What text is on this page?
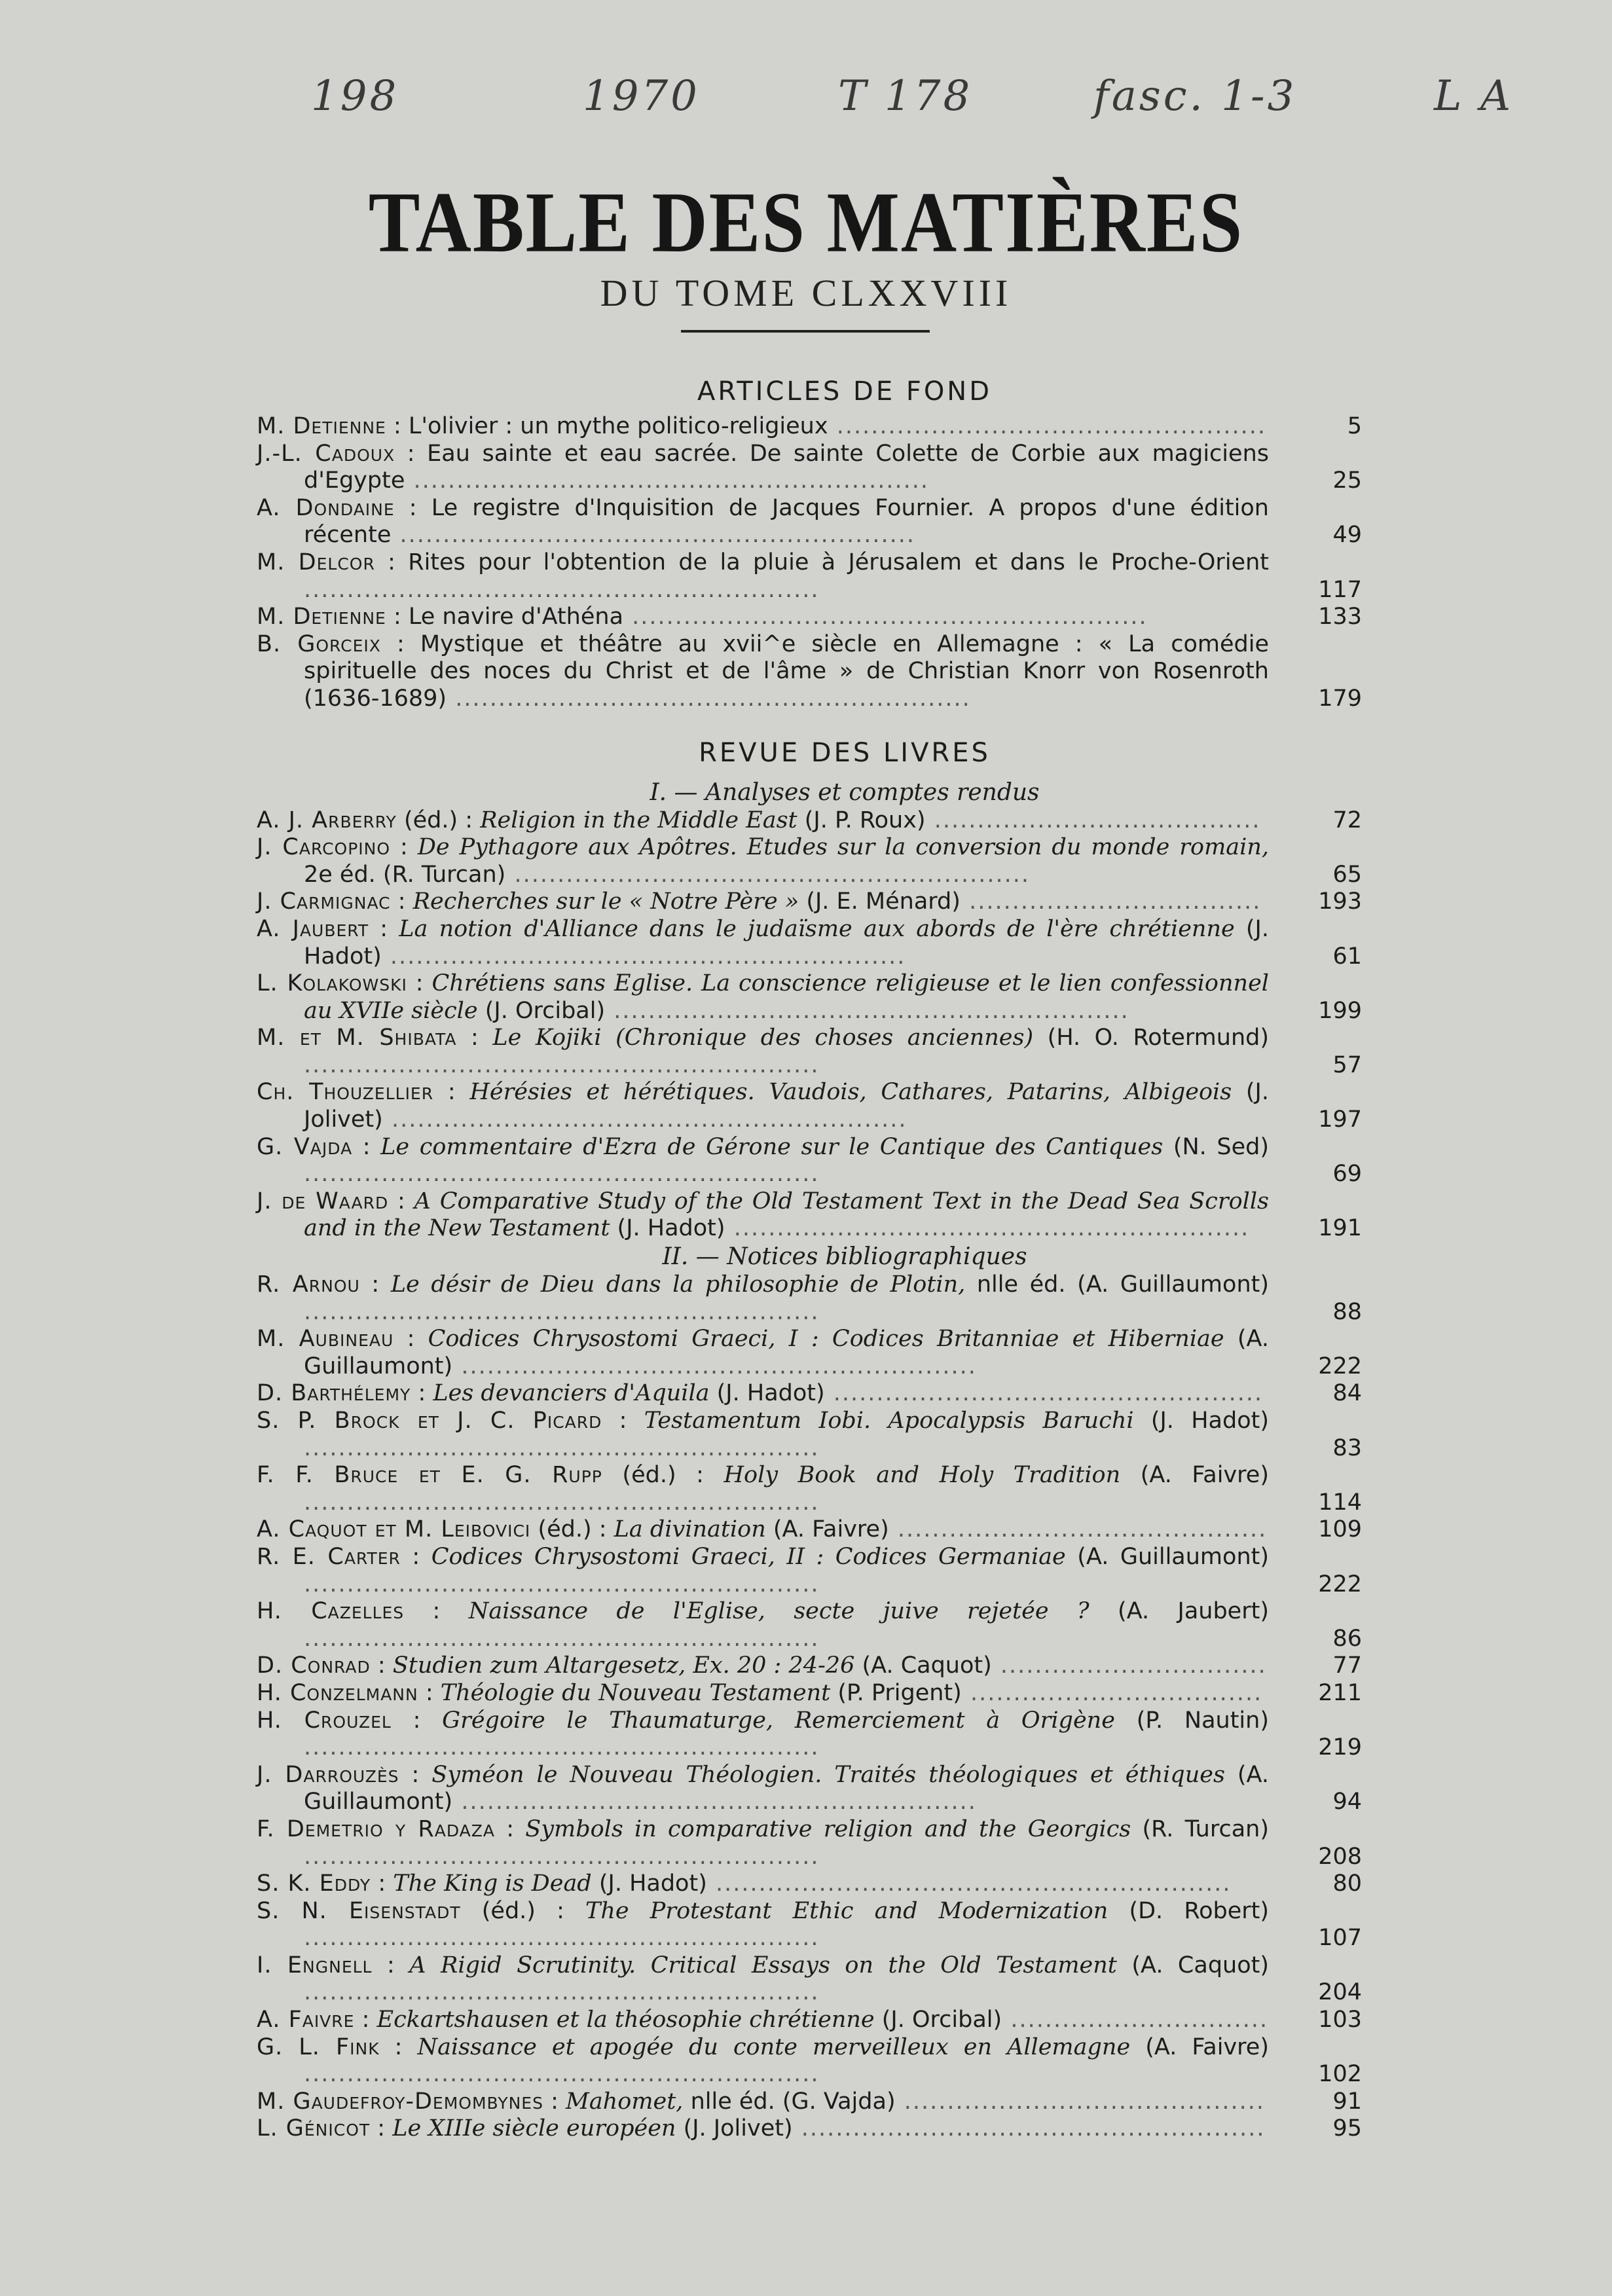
198	1970	T 178	fasc. 1-3	L A
TABLE DES MATIÈRES
DU TOME CLXXVIII
ARTICLES DE FOND
M. Detienne : L'olivier : un mythe politico-religieux ..................................................	5
J.-L. Cadoux : Eau sainte et eau sacrée. De sainte Colette de Corbie aux magiciens d'Egypte ............................................................	25
A. Dondaine : Le registre d'Inquisition de Jacques Fournier. A propos d'une édition récente ............................................................	49
M. Delcor : Rites pour l'obtention de la pluie à Jérusalem et dans le Proche-Orient ............................................................	117
M. Detienne : Le navire d'Athéna ............................................................	133
B. Gorceix : Mystique et théâtre au xvii^e siècle en Allemagne : « La comédie spirituelle des noces du Christ et de l'âme » de Christian Knorr von Rosenroth (1636-1689) ............................................................	179
REVUE DES LIVRES
I. — Analyses et comptes rendus
A. J. Arberry (éd.) : Religion in the Middle East (J. P. Roux) ......................................	72
J. Carcopino : De Pythagore aux Apôtres. Etudes sur la conversion du monde romain, 2e éd. (R. Turcan) ............................................................	65
J. Carmignac : Recherches sur le « Notre Père » (J. E. Ménard) ..................................	193
A. Jaubert : La notion d'Alliance dans le judaïsme aux abords de l'ère chrétienne (J. Hadot) ............................................................	61
L. Kolakowski : Chrétiens sans Eglise. La conscience religieuse et le lien confessionnel au XVIIe siècle (J. Orcibal) ............................................................	199
M. et M. Shibata : Le Kojiki (Chronique des choses anciennes) (H. O. Rotermund) ............................................................	57
Ch. Thouzellier : Hérésies et hérétiques. Vaudois, Cathares, Patarins, Albigeois (J. Jolivet) ............................................................	197
G. Vajda : Le commentaire d'Ezra de Gérone sur le Cantique des Cantiques (N. Sed) ............................................................	69
J. de Waard : A Comparative Study of the Old Testament Text in the Dead Sea Scrolls and in the New Testament (J. Hadot) ............................................................	191
II. — Notices bibliographiques
R. Arnou : Le désir de Dieu dans la philosophie de Plotin, nlle éd. (A. Guillaumont) ............................................................	88
M. Aubineau : Codices Chrysostomi Graeci, I : Codices Britanniae et Hiberniae (A. Guillaumont) ............................................................	222
D. Barthélemy : Les devanciers d'Aquila (J. Hadot) ..................................................	84
S. P. Brock et J. C. Picard : Testamentum Iobi. Apocalypsis Baruchi (J. Hadot) ............................................................	83
F. F. Bruce et E. G. Rupp (éd.) : Holy Book and Holy Tradition (A. Faivre) ............................................................	114
A. Caquot et M. Leibovici (éd.) : La divination (A. Faivre) ...........................................	109
R. E. Carter : Codices Chrysostomi Graeci, II : Codices Germaniae (A. Guillaumont) ............................................................	222
H. Cazelles : Naissance de l'Eglise, secte juive rejetée ? (A. Jaubert) ............................................................	86
D. Conrad : Studien zum Altargesetz, Ex. 20 : 24-26 (A. Caquot) ...............................	77
H. Conzelmann : Théologie du Nouveau Testament (P. Prigent) ..................................	211
H. Crouzel : Grégoire le Thaumaturge, Remerciement à Origène (P. Nautin) ............................................................	219
J. Darrouzès : Syméon le Nouveau Théologien. Traités théologiques et éthiques (A. Guillaumont) ............................................................	94
F. Demetrio y Radaza : Symbols in comparative religion and the Georgics (R. Turcan) ............................................................	208
S. K. Eddy : The King is Dead (J. Hadot) ............................................................	80
S. N. Eisenstadt (éd.) : The Protestant Ethic and Modernization (D. Robert) ............................................................	107
I. Engnell : A Rigid Scrutinity. Critical Essays on the Old Testament (A. Caquot) ............................................................	204
A. Faivre : Eckartshausen et la théosophie chrétienne (J. Orcibal) ..............................	103
G. L. Fink : Naissance et apogée du conte merveilleux en Allemagne (A. Faivre) ............................................................	102
M. Gaudefroy-Demombynes : Mahomet, nlle éd. (G. Vajda) ..........................................	91
L. Génicot : Le XIIIe siècle européen (J. Jolivet) ......................................................	95
